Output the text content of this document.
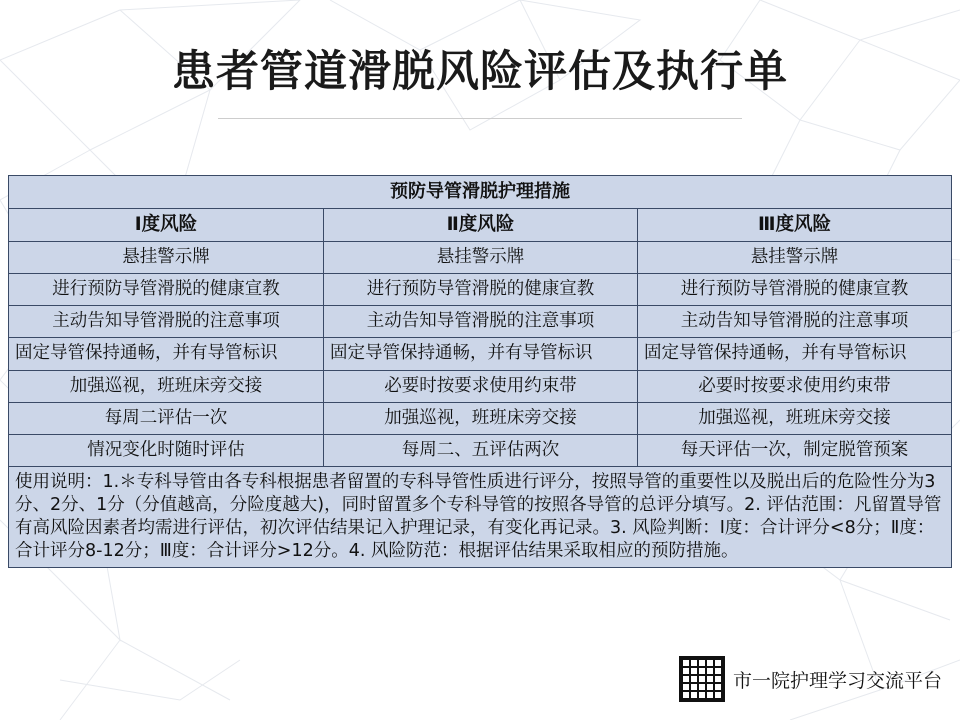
患者管道滑脱风险评估及执行单
预防导管滑脱护理措施		
Ⅰ度风险	Ⅱ度风险	Ⅲ度风险
悬挂警示牌	悬挂警示牌	悬挂警示牌
进行预防导管滑脱的健康宣教	进行预防导管滑脱的健康宣教	进行预防导管滑脱的健康宣教
主动告知导管滑脱的注意事项	主动告知导管滑脱的注意事项	主动告知导管滑脱的注意事项
固定导管保持通畅，并有导管标识	固定导管保持通畅，并有导管标识	固定导管保持通畅，并有导管标识
加强巡视，班班床旁交接	必要时按要求使用约束带	必要时按要求使用约束带
每周二评估一次	加强巡视，班班床旁交接	加强巡视，班班床旁交接
情况变化时随时评估	每周二、五评估两次	每天评估一次，制定脱管预案
使用说明：1.＊专科导管由各专科根据患者留置的专科导管性质进行评分，按照导管的重要性以及脱出后的危险性分为3分、2分、1分（分值越高，分险度越大)，同时留置多个专科导管的按照各导管的总评分填写。2. 评估范围：凡留置导管有高风险因素者均需进行评估，初次评估结果记入护理记录，有变化再记录。3. 风险判断：Ⅰ度：合计评分<8分；Ⅱ度：合计评分8-12分；Ⅲ度：合计评分>12分。4. 风险防范：根据评估结果采取相应的预防措施。		
市一院护理学习交流平台
